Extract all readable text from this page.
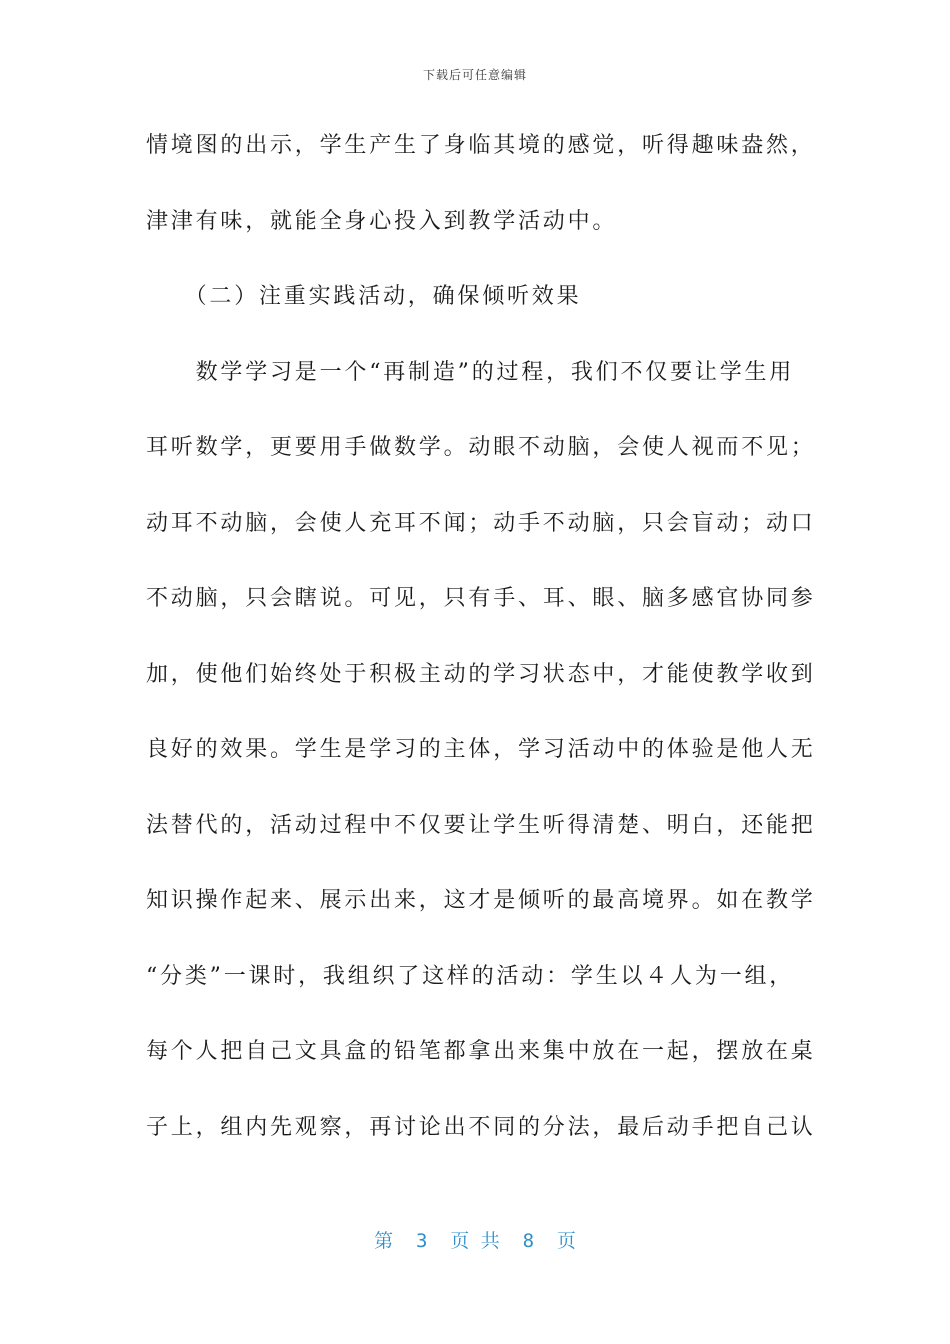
下载后可任意编辑
情境图的出示，学生产生了身临其境的感觉，听得趣味盎然，
津津有味，就能全身心投入到教学活动中。
　　（二）注重实践活动，确保倾听效果
　　数学学习是一个“再制造”的过程，我们不仅要让学生用
耳听数学，更要用手做数学。动眼不动脑，会使人视而不见；
动耳不动脑，会使人充耳不闻；动手不动脑，只会盲动；动口
不动脑，只会瞎说。可见，只有手、耳、眼、脑多感官协同参
加，使他们始终处于积极主动的学习状态中，才能使教学收到
良好的效果。学生是学习的主体，学习活动中的体验是他人无
法替代的，活动过程中不仅要让学生听得清楚、明白，还能把
知识操作起来、展示出来，这才是倾听的最高境界。如在教学
“分类”一课时，我组织了这样的活动：学生以４人为一组，
每个人把自己文具盒的铅笔都拿出来集中放在一起，摆放在桌
子上，组内先观察，再讨论出不同的分法，最后动手把自己认
第  3  页 共  8  页
